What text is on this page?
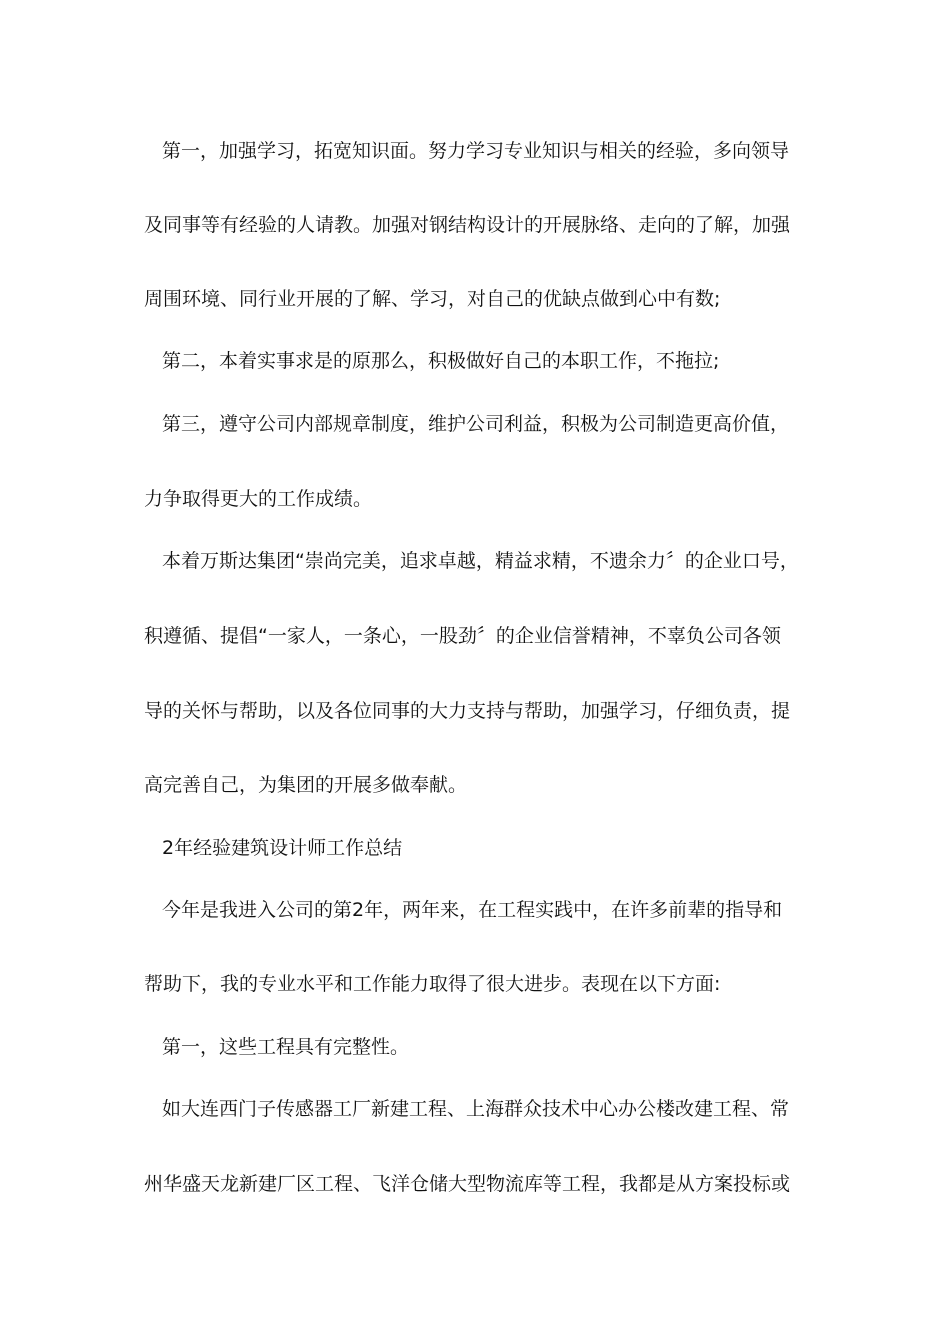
第一，加强学习，拓宽知识面。努力学习专业知识与相关的经验，多向领导
及同事等有经验的人请教。加强对钢结构设计的开展脉络、走向的了解，加强
周围环境、同行业开展的了解、学习，对自己的优缺点做到心中有数;
第二，本着实事求是的原那么，积极做好自己的本职工作，不拖拉;
第三，遵守公司内部规章制度，维护公司利益，积极为公司制造更高价值，
力争取得更大的工作成绩。
本着万斯达集团“崇尚完美，追求卓越，精益求精，不遗余力〞的企业口号，
积遵循、提倡“一家人，一条心，一股劲〞的企业信誉精神，不辜负公司各领
导的关怀与帮助，以及各位同事的大力支持与帮助，加强学习，仔细负责，提
高完善自己，为集团的开展多做奉献。
2年经验建筑设计师工作总结
今年是我进入公司的第2年，两年来，在工程实践中，在许多前辈的指导和
帮助下，我的专业水平和工作能力取得了很大进步。表现在以下方面:
第一，这些工程具有完整性。
如大连西门子传感器工厂新建工程、上海群众技术中心办公楼改建工程、常
州华盛天龙新建厂区工程、飞洋仓储大型物流库等工程，我都是从方案投标或
